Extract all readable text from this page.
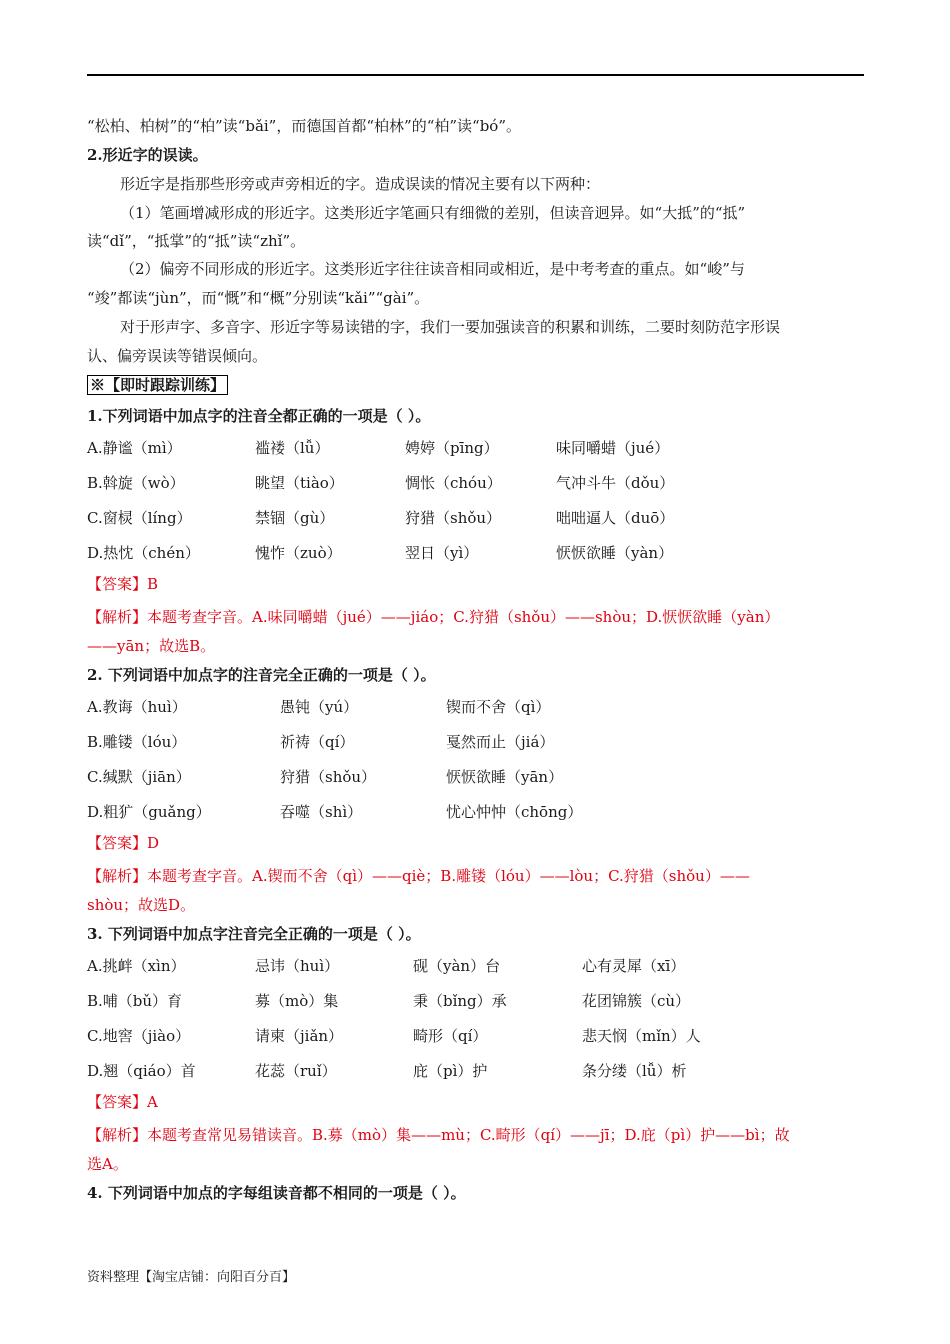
“松柏、柏树”的“柏”读“bǎi”，而德国首都“柏林”的“柏”读“bó”。
2.形近字的误读。
形近字是指那些形旁或声旁相近的字。造成误读的情况主要有以下两种：
（1）笔画增减形成的形近字。这类形近字笔画只有细微的差别，但读音迥异。如“大抵”的“抵”
读“dǐ”，“抵掌”的“抵”读“zhǐ”。
（2）偏旁不同形成的形近字。这类形近字往往读音相同或相近，是中考考查的重点。如“峻”与
“竣”都读“jùn”，而“慨”和“概”分别读“kǎi”“gài”。
对于形声字、多音字、形近字等易读错的字，我们一要加强读音的积累和训练，二要时刻防范字形误
认、偏旁误读等错误倾向。
※【即时跟踪训练】
1.下列词语中加点字的注音全都正确的一项是（ ）。
A.静谧（mì）	褴褛（lǚ）	娉婷（pīng）	味同嚼蜡（jué）
B.斡旋（wò）	眺望（tiào）	惆怅（chóu）	气冲斗牛（dǒu）
C.窗棂（líng）	禁锢（gù）	狩猎（shǒu）	咄咄逼人（duō）
D.热忱（chén）	愧怍（zuò）	翌日（yì）	恹恹欲睡（yàn）
【答案】B
【解析】本题考查字音。A.味同嚼蜡（jué）——jiáo；C.狩猎（shǒu）——shòu；D.恹恹欲睡（yàn）
——yān；故选B。
2. 下列词语中加点字的注音完全正确的一项是（ ）。
A.教诲（huì）	愚钝（yú）	锲而不舍（qì）
B.雕镂（lóu）	祈祷（qí）	戛然而止（jiá）
C.缄默（jiān）	狩猎（shǒu）	恹恹欲睡（yān）
D.粗犷（guǎng）	吞噬（shì）	忧心忡忡（chōng）
【答案】D
【解析】本题考查字音。A.锲而不舍（qì）——qiè；B.雕镂（lóu）——lòu；C.狩猎（shǒu）——
shòu；故选D。
3. 下列词语中加点字注音完全正确的一项是（ ）。
A.挑衅（xìn）	忌讳（huì）	砚（yàn）台	心有灵犀（xī）
B.哺（bǔ）育	募（mò）集	秉（bǐng）承	花团锦簇（cù）
C.地窖（jiào）	请柬（jiǎn）	畸形（qí）	悲天悯（mǐn）人
D.翘（qiáo）首	花蕊（ruǐ）	庇（pì）护	条分缕（lǚ）析
【答案】A
【解析】本题考查常见易错读音。B.募（mò）集——mù；C.畸形（qí）——jī；D.庇（pì）护——bì；故
选A。
4. 下列词语中加点的字每组读音都不相同的一项是（ ）。
资料整理【淘宝店铺：向阳百分百】
